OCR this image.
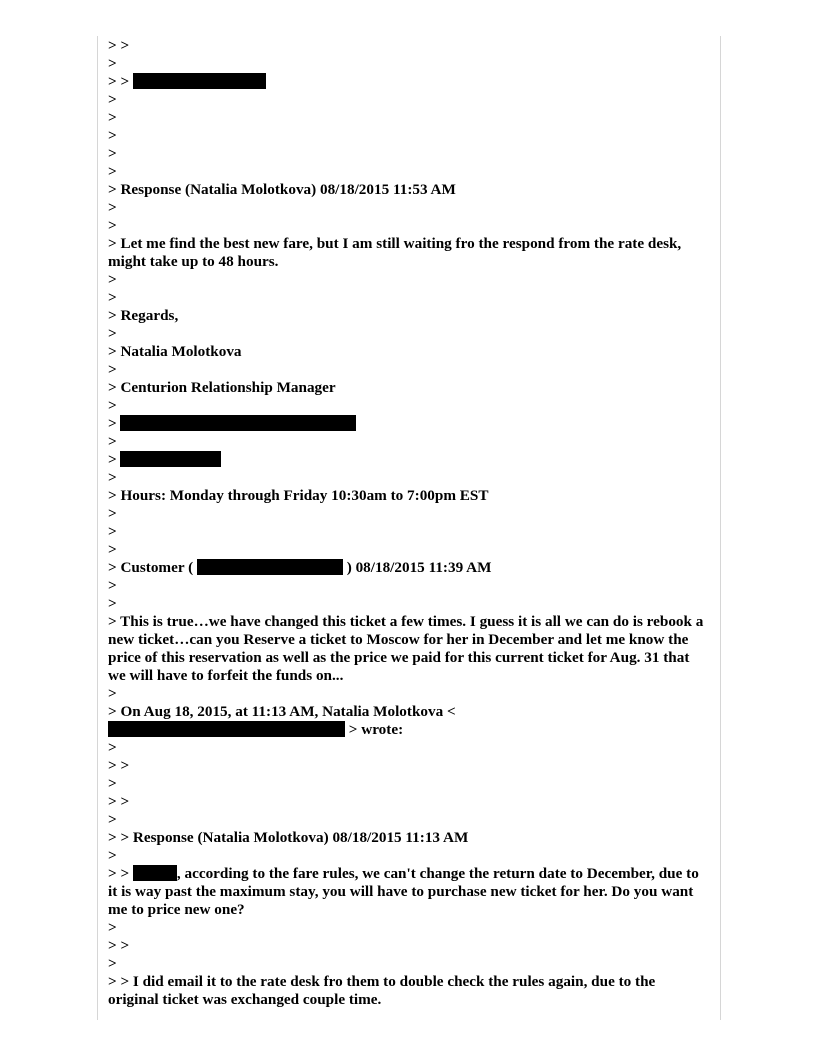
> >
>
> >
>
>
>
>
>
> Response (Natalia Molotkova) 08/18/2015 11:53 AM
>
>
> Let me find the best new fare, but I am still waiting fro the respond from the rate desk, might take up to 48 hours.
>
>
> Regards,
>
> Natalia Molotkova
>
> Centurion Relationship Manager
>
>
>
>
>
> Hours: Monday through Friday 10:30am to 7:00pm EST
>
>
>
> Customer (	) 08/18/2015 11:39 AM
>
>
> This is true…we have changed this ticket a few times. I guess it is all we can do is rebook a new ticket…can you Reserve a ticket to Moscow for her in December and let me know the price of this reservation as well as the price we paid for this current ticket for Aug. 31 that we will have to forfeit the funds on...
>
> On Aug 18, 2015, at 11:13 AM, Natalia Molotkova <
> wrote:
>
> >
>
> >
>
> > Response (Natalia Molotkova) 08/18/2015 11:13 AM
>
> >	, according to the fare rules, we can't change the return date to December, due to it is way past the maximum stay, you will have to purchase new ticket for her. Do you want me to price new one?
>
> >
>
> > I did email it to the rate desk fro them to double check the rules again, due to the original ticket was exchanged couple time.
